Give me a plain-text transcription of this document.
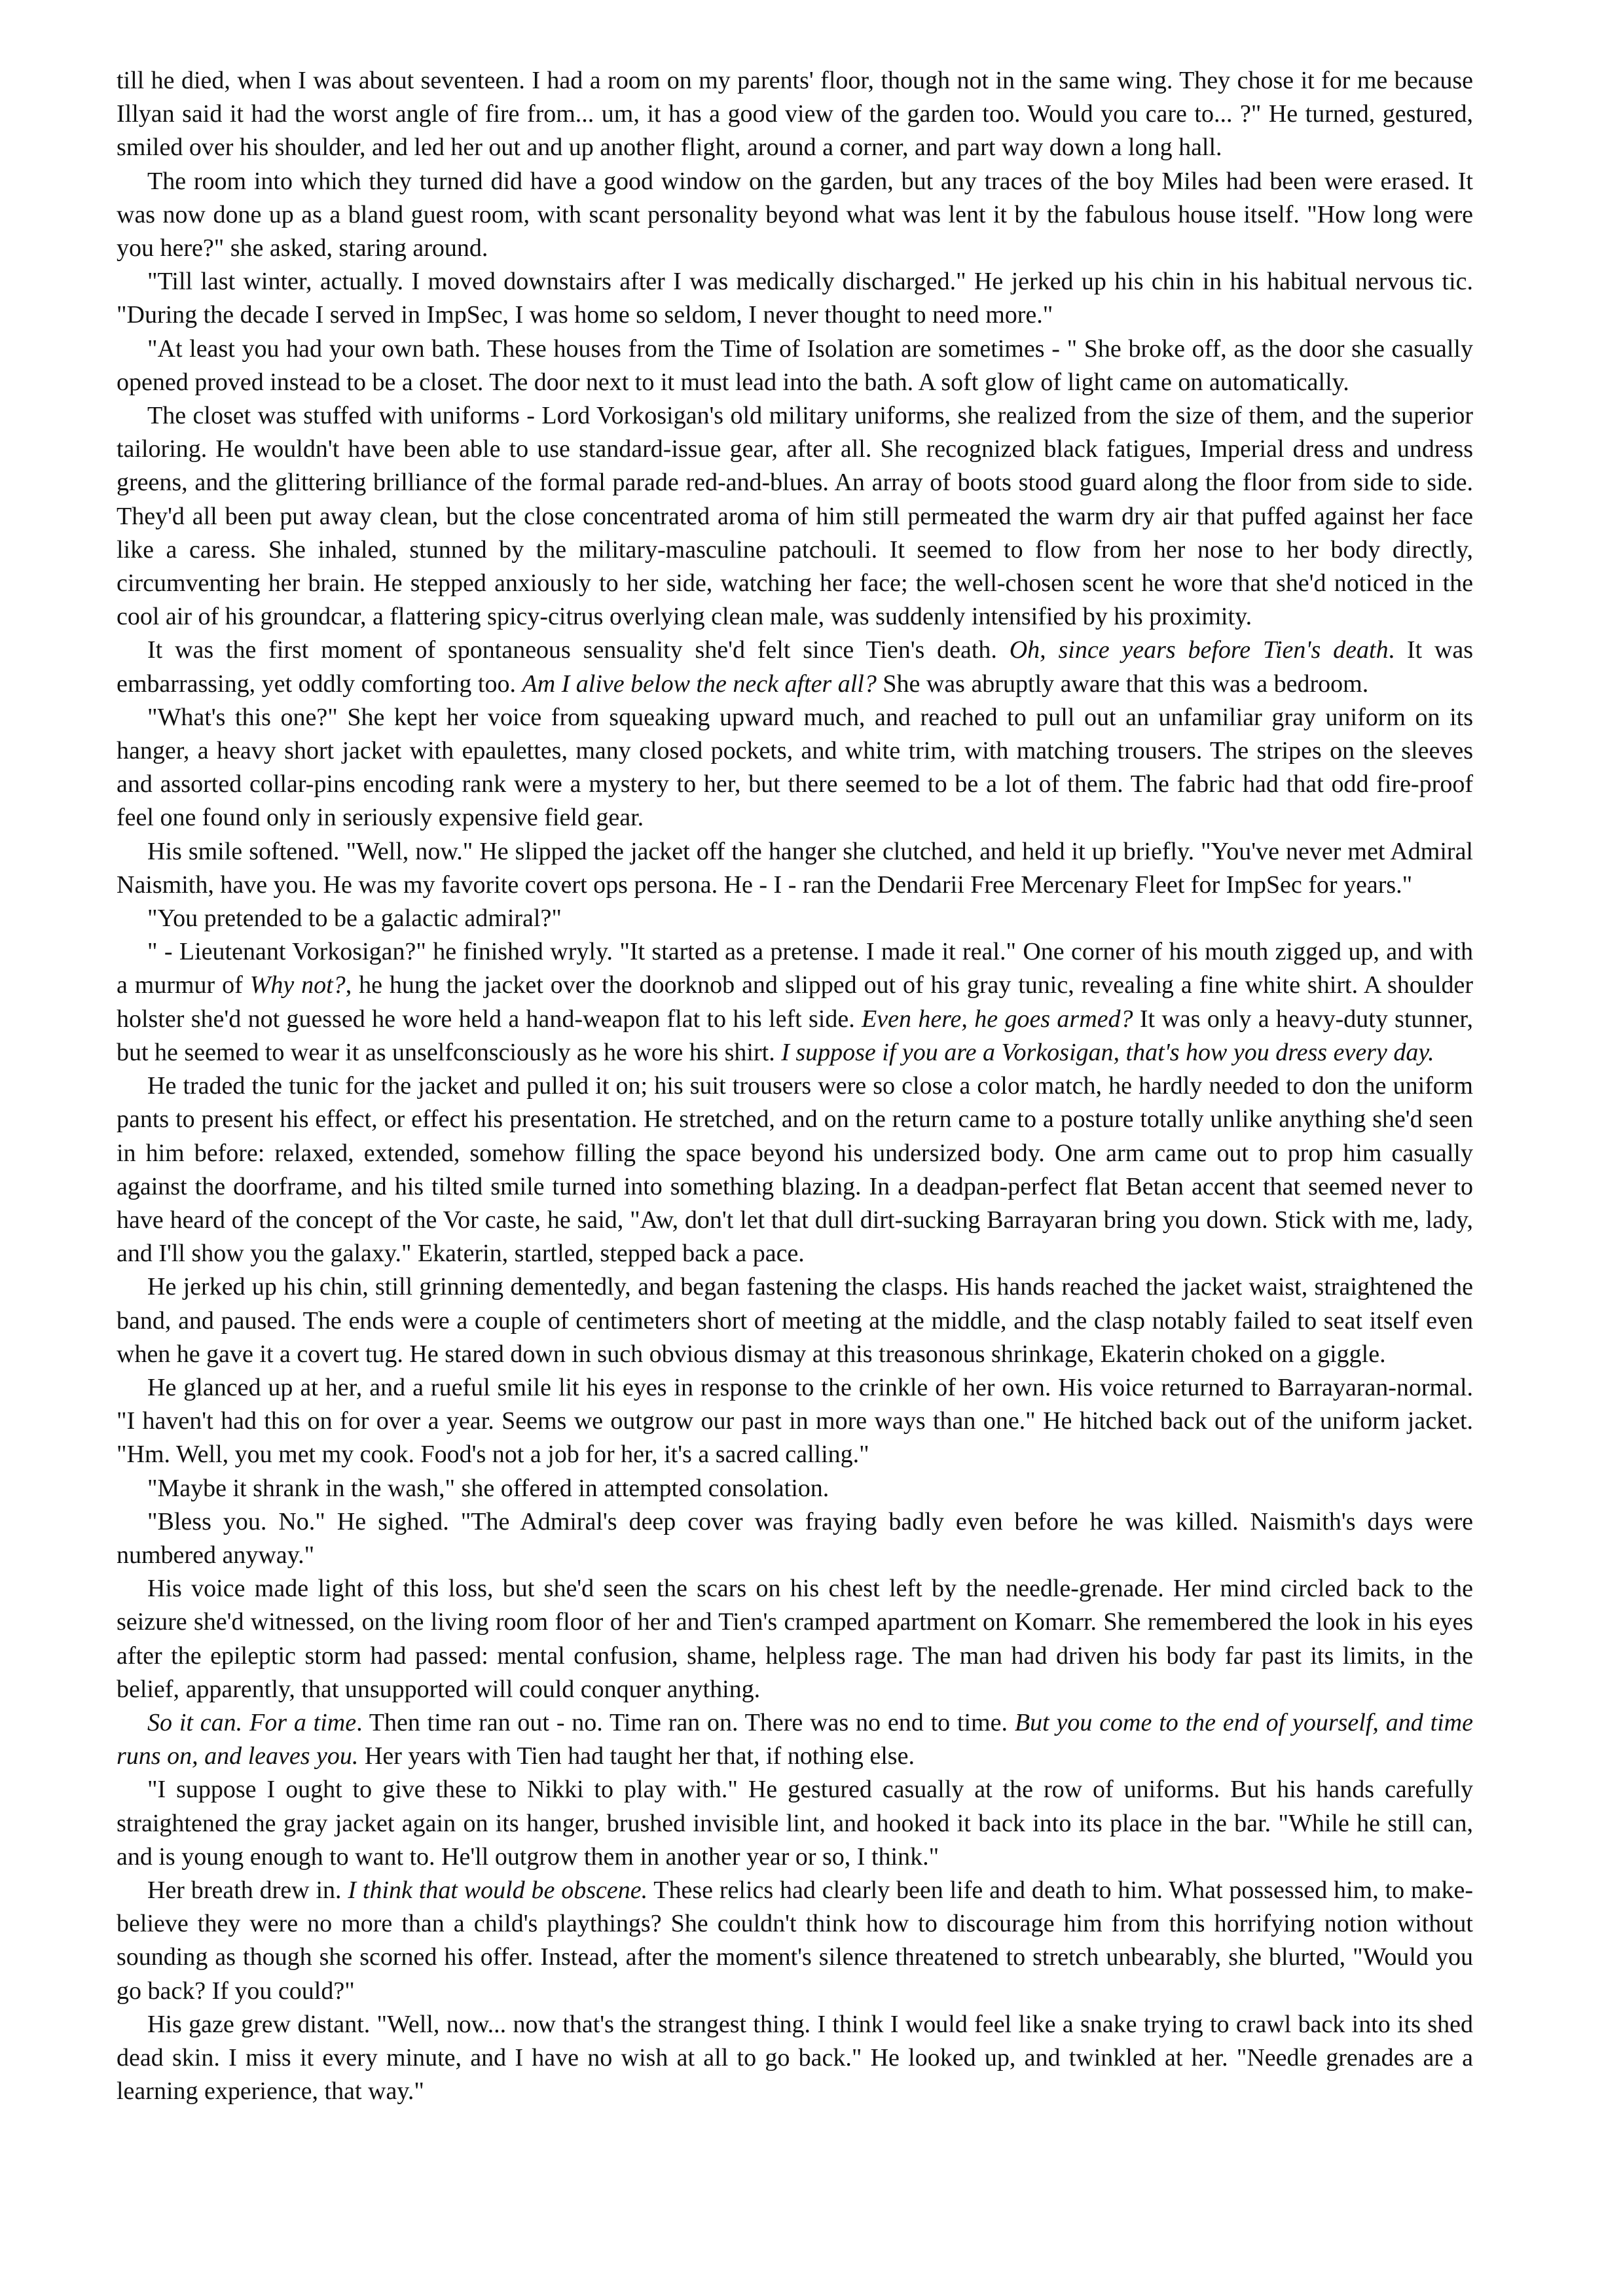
till he died, when I was about seventeen. I had a room on my parents' floor, though not in the same wing. They chose it for me because Illyan said it had the worst angle of fire from... um, it has a good view of the garden too. Would you care to... ?" He turned, gestured, smiled over his shoulder, and led her out and up another flight, around a corner, and part way down a long hall.

The room into which they turned did have a good window on the garden, but any traces of the boy Miles had been were erased. It was now done up as a bland guest room, with scant personality beyond what was lent it by the fabulous house itself. "How long were you here?" she asked, staring around.

"Till last winter, actually. I moved downstairs after I was medically discharged." He jerked up his chin in his habitual nervous tic. "During the decade I served in ImpSec, I was home so seldom, I never thought to need more."

"At least you had your own bath. These houses from the Time of Isolation are sometimes - " She broke off, as the door she casually opened proved instead to be a closet. The door next to it must lead into the bath. A soft glow of light came on automatically.

The closet was stuffed with uniforms - Lord Vorkosigan's old military uniforms, she realized from the size of them, and the superior tailoring. He wouldn't have been able to use standard-issue gear, after all. She recognized black fatigues, Imperial dress and undress greens, and the glittering brilliance of the formal parade red-and-blues. An array of boots stood guard along the floor from side to side. They'd all been put away clean, but the close concentrated aroma of him still permeated the warm dry air that puffed against her face like a caress. She inhaled, stunned by the military-masculine patchouli. It seemed to flow from her nose to her body directly, circumventing her brain. He stepped anxiously to her side, watching her face; the well-chosen scent he wore that she'd noticed in the cool air of his groundcar, a flattering spicy-citrus overlying clean male, was suddenly intensified by his proximity.

It was the first moment of spontaneous sensuality she'd felt since Tien's death. Oh, since years before Tien's death. It was embarrassing, yet oddly comforting too. Am I alive below the neck after all? She was abruptly aware that this was a bedroom.

"What's this one?" She kept her voice from squeaking upward much, and reached to pull out an unfamiliar gray uniform on its hanger, a heavy short jacket with epaulettes, many closed pockets, and white trim, with matching trousers. The stripes on the sleeves and assorted collar-pins encoding rank were a mystery to her, but there seemed to be a lot of them. The fabric had that odd fire-proof feel one found only in seriously expensive field gear.

His smile softened. "Well, now." He slipped the jacket off the hanger she clutched, and held it up briefly. "You've never met Admiral Naismith, have you. He was my favorite covert ops persona. He - I - ran the Dendarii Free Mercenary Fleet for ImpSec for years."

"You pretended to be a galactic admiral?"

" - Lieutenant Vorkosigan?" he finished wryly. "It started as a pretense. I made it real." One corner of his mouth zigged up, and with a murmur of Why not?, he hung the jacket over the doorknob and slipped out of his gray tunic, revealing a fine white shirt. A shoulder holster she'd not guessed he wore held a hand-weapon flat to his left side. Even here, he goes armed? It was only a heavy-duty stunner, but he seemed to wear it as unselfconsciously as he wore his shirt. I suppose if you are a Vorkosigan, that's how you dress every day.

He traded the tunic for the jacket and pulled it on; his suit trousers were so close a color match, he hardly needed to don the uniform pants to present his effect, or effect his presentation. He stretched, and on the return came to a posture totally unlike anything she'd seen in him before: relaxed, extended, somehow filling the space beyond his undersized body. One arm came out to prop him casually against the doorframe, and his tilted smile turned into something blazing. In a deadpan-perfect flat Betan accent that seemed never to have heard of the concept of the Vor caste, he said, "Aw, don't let that dull dirt-sucking Barrayaran bring you down. Stick with me, lady, and I'll show you the galaxy." Ekaterin, startled, stepped back a pace.

He jerked up his chin, still grinning dementedly, and began fastening the clasps. His hands reached the jacket waist, straightened the band, and paused. The ends were a couple of centimeters short of meeting at the middle, and the clasp notably failed to seat itself even when he gave it a covert tug. He stared down in such obvious dismay at this treasonous shrinkage, Ekaterin choked on a giggle.

He glanced up at her, and a rueful smile lit his eyes in response to the crinkle of her own. His voice returned to Barrayaran-normal. "I haven't had this on for over a year. Seems we outgrow our past in more ways than one." He hitched back out of the uniform jacket. "Hm. Well, you met my cook. Food's not a job for her, it's a sacred calling."

"Maybe it shrank in the wash," she offered in attempted consolation.

"Bless you. No." He sighed. "The Admiral's deep cover was fraying badly even before he was killed. Naismith's days were numbered anyway."

His voice made light of this loss, but she'd seen the scars on his chest left by the needle-grenade. Her mind circled back to the seizure she'd witnessed, on the living room floor of her and Tien's cramped apartment on Komarr. She remembered the look in his eyes after the epileptic storm had passed: mental confusion, shame, helpless rage. The man had driven his body far past its limits, in the belief, apparently, that unsupported will could conquer anything.

So it can. For a time. Then time ran out - no. Time ran on. There was no end to time. But you come to the end of yourself, and time runs on, and leaves you. Her years with Tien had taught her that, if nothing else.

"I suppose I ought to give these to Nikki to play with." He gestured casually at the row of uniforms. But his hands carefully straightened the gray jacket again on its hanger, brushed invisible lint, and hooked it back into its place in the bar. "While he still can, and is young enough to want to. He'll outgrow them in another year or so, I think."

Her breath drew in. I think that would be obscene. These relics had clearly been life and death to him. What possessed him, to make-believe they were no more than a child's playthings? She couldn't think how to discourage him from this horrifying notion without sounding as though she scorned his offer. Instead, after the moment's silence threatened to stretch unbearably, she blurted, "Would you go back? If you could?"

His gaze grew distant. "Well, now... now that's the strangest thing. I think I would feel like a snake trying to crawl back into its shed dead skin. I miss it every minute, and I have no wish at all to go back." He looked up, and twinkled at her. "Needle grenades are a learning experience, that way."
